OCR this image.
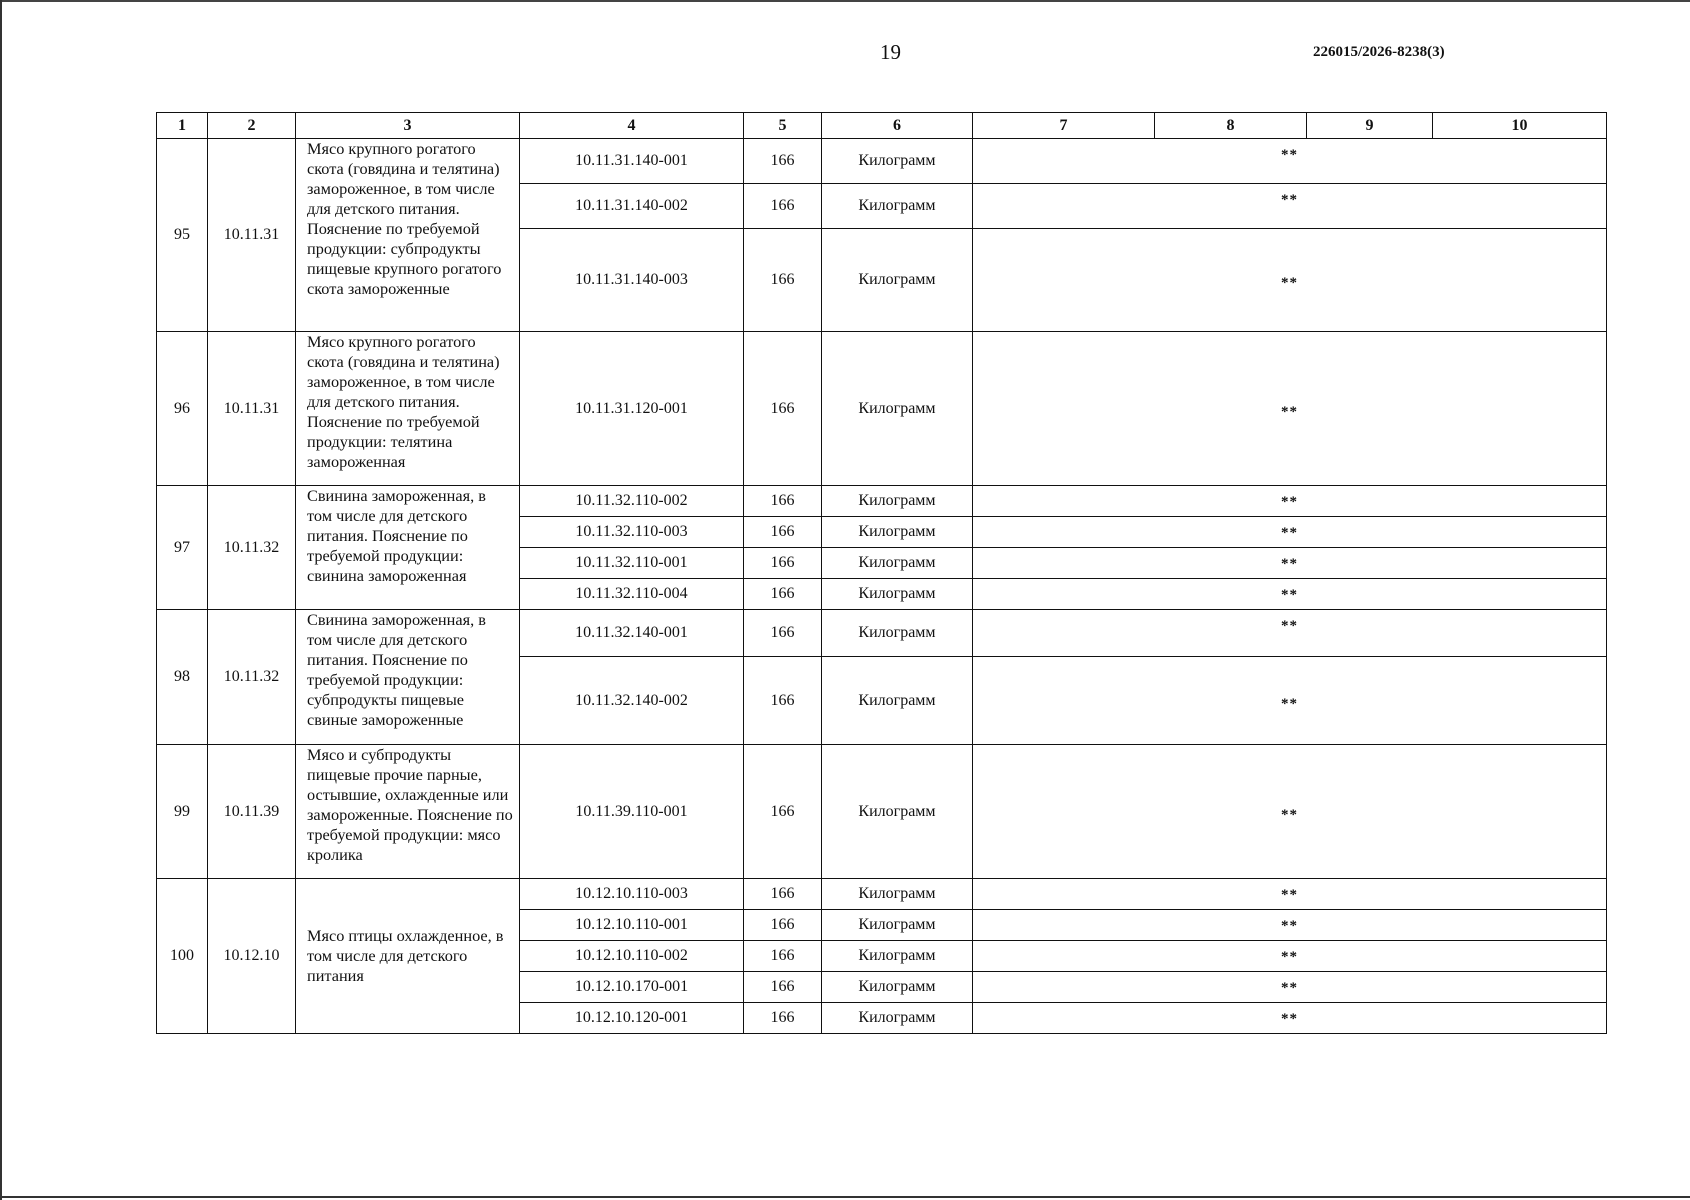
19	226015/2026-8238(3)
1	2	3	4	5	6	7	8	9	10
95	10.11.31	Мясо крупного рогатого скота (говядина и телятина) замороженное, в том числе для детского питания. Пояснение по требуемой продукции: субпродукты пищевые крупного рогатого скота замороженные	10.11.31.140-001	166	Килограмм	**			
			10.11.31.140-002	166	Килограмм	**			
			10.11.31.140-003	166	Килограмм	**			
96	10.11.31	Мясо крупного рогатого скота (говядина и телятина) замороженное, в том числе для детского питания. Пояснение по требуемой продукции: телятина замороженная	10.11.31.120-001	166	Килограмм	**			
97	10.11.32	Свинина замороженная, в том числе для детского питания. Пояснение по требуемой продукции: свинина замороженная	10.11.32.110-002	166	Килограмм	**			
			10.11.32.110-003	166	Килограмм	**			
			10.11.32.110-001	166	Килограмм	**			
			10.11.32.110-004	166	Килограмм	**			
98	10.11.32	Свинина замороженная, в том числе для детского питания. Пояснение по требуемой продукции: субпродукты пищевые свиные замороженные	10.11.32.140-001	166	Килограмм	**			
			10.11.32.140-002	166	Килограмм	**			
99	10.11.39	Мясо и субпродукты пищевые прочие парные, остывшие, охлажденные или замороженные. Пояснение по требуемой продукции: мясо кролика	10.11.39.110-001	166	Килограмм	**			
100	10.12.10	Мясо птицы охлажденное, в том числе для детского питания	10.12.10.110-003	166	Килограмм	**			
			10.12.10.110-001	166	Килограмм	**			
			10.12.10.110-002	166	Килограмм	**			
			10.12.10.170-001	166	Килограмм	**			
			10.12.10.120-001	166	Килограмм	**			
